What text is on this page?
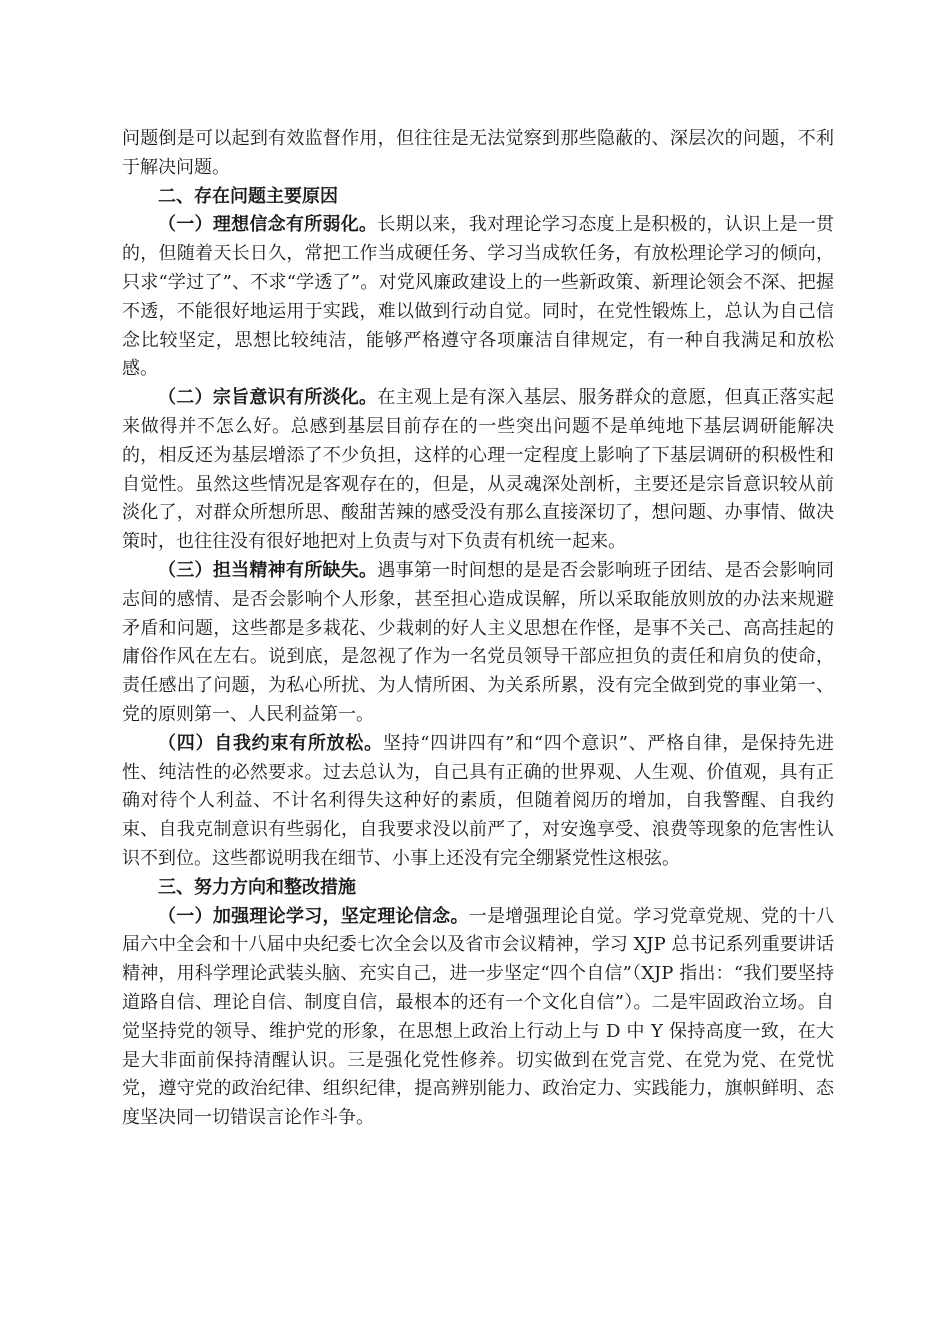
问题倒是可以起到有效监督作用，但往往是无法觉察到那些隐蔽的、深层次的问题，不利于解决问题。

二、存在问题主要原因

（一）理想信念有所弱化。长期以来，我对理论学习态度上是积极的，认识上是一贯的，但随着天长日久，常把工作当成硬任务、学习当成软任务，有放松理论学习的倾向，只求“学过了”、不求“学透了”。对党风廉政建设上的一些新政策、新理论领会不深、把握不透，不能很好地运用于实践，难以做到行动自觉。同时，在党性锻炼上，总认为自己信念比较坚定，思想比较纯洁，能够严格遵守各项廉洁自律规定，有一种自我满足和放松感。

（二）宗旨意识有所淡化。在主观上是有深入基层、服务群众的意愿，但真正落实起来做得并不怎么好。总感到基层目前存在的一些突出问题不是单纯地下基层调研能解决的，相反还为基层增添了不少负担，这样的心理一定程度上影响了下基层调研的积极性和自觉性。虽然这些情况是客观存在的，但是，从灵魂深处剖析，主要还是宗旨意识较从前淡化了，对群众所想所思、酸甜苦辣的感受没有那么直接深切了，想问题、办事情、做决策时，也往往没有很好地把对上负责与对下负责有机统一起来。

（三）担当精神有所缺失。遇事第一时间想的是是否会影响班子团结、是否会影响同志间的感情、是否会影响个人形象，甚至担心造成误解，所以采取能放则放的办法来规避矛盾和问题，这些都是多栽花、少栽刺的好人主义思想在作怪，是事不关己、高高挂起的庸俗作风在左右。说到底，是忽视了作为一名党员领导干部应担负的责任和肩负的使命，责任感出了问题，为私心所扰、为人情所困、为关系所累，没有完全做到党的事业第一、党的原则第一、人民利益第一。

（四）自我约束有所放松。坚持“四讲四有”和“四个意识”、严格自律，是保持先进性、纯洁性的必然要求。过去总认为，自己具有正确的世界观、人生观、价值观，具有正确对待个人利益、不计名利得失这种好的素质，但随着阅历的增加，自我警醒、自我约束、自我克制意识有些弱化，自我要求没以前严了，对安逸享受、浪费等现象的危害性认识不到位。这些都说明我在细节、小事上还没有完全绷紧党性这根弦。

三、努力方向和整改措施

（一）加强理论学习，坚定理论信念。一是增强理论自觉。学习党章党规、党的十八届六中全会和十八届中央纪委七次全会以及省市会议精神，学习 XJP 总书记系列重要讲话精神，用科学理论武装头脑、充实自己，进一步坚定“四个自信”（XJP 指出：“我们要坚持道路自信、理论自信、制度自信，最根本的还有一个文化自信”）。二是牢固政治立场。自觉坚持党的领导、维护党的形象，在思想上政治上行动上与 D 中 Y 保持高度一致，在大是大非面前保持清醒认识。三是强化党性修养。切实做到在党言党、在党为党、在党忧党，遵守党的政治纪律、组织纪律，提高辨别能力、政治定力、实践能力，旗帜鲜明、态度坚决同一切错误言论作斗争。
